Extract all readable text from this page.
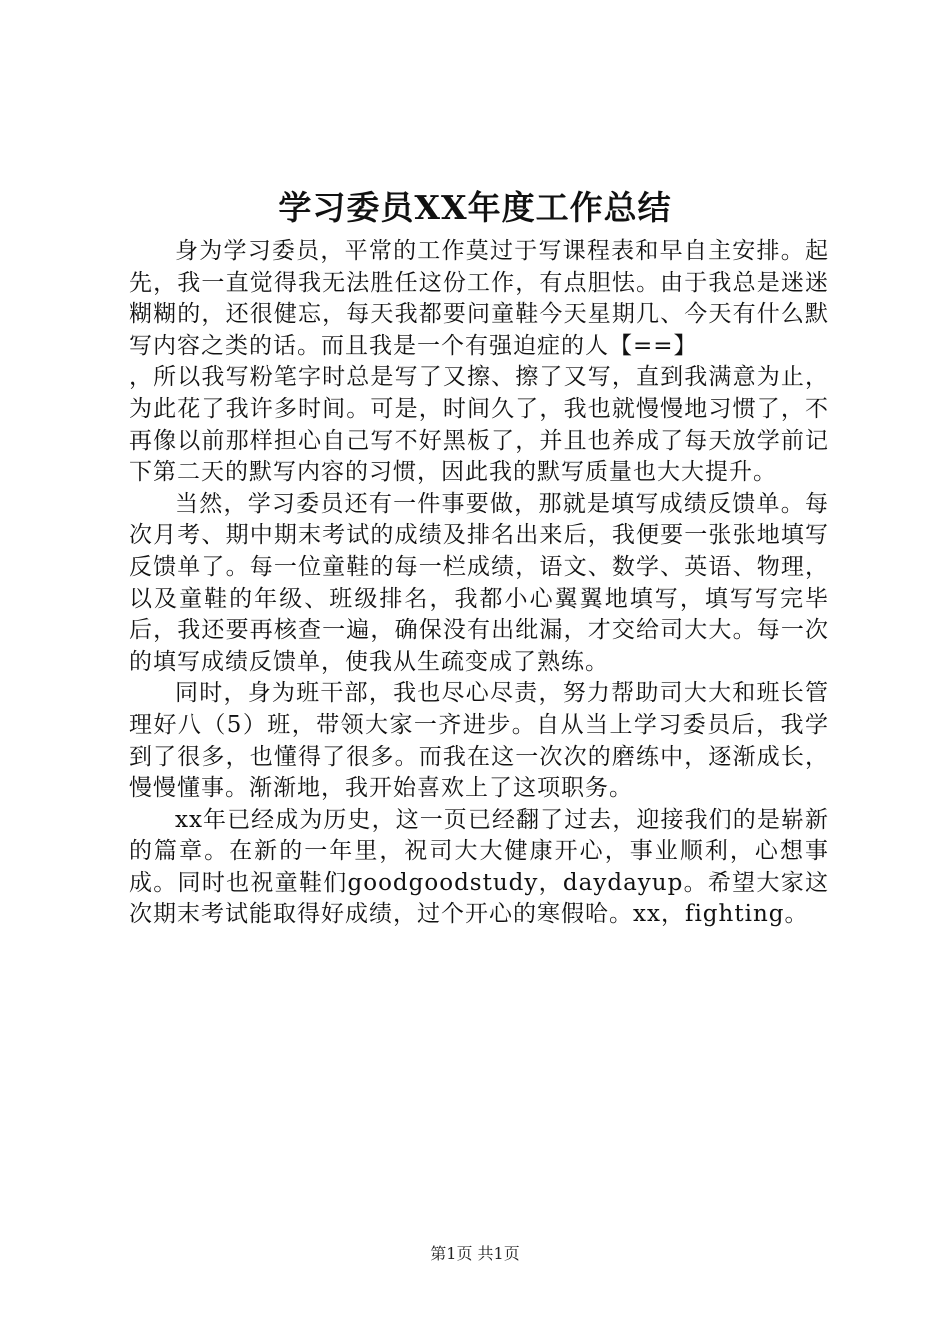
学习委员XX年度工作总结

身为学习委员，平常的工作莫过于写课程表和早自主安排。起先，我一直觉得我无法胜任这份工作，有点胆怯。由于我总是迷迷糊糊的，还很健忘，每天我都要问童鞋今天星期几、今天有什么默写内容之类的话。而且我是一个有强迫症的人【==】

，所以我写粉笔字时总是写了又擦、擦了又写，直到我满意为止，为此花了我许多时间。可是，时间久了，我也就慢慢地习惯了，不再像以前那样担心自己写不好黑板了，并且也养成了每天放学前记下第二天的默写内容的习惯，因此我的默写质量也大大提升。

当然，学习委员还有一件事要做，那就是填写成绩反馈单。每次月考、期中期末考试的成绩及排名出来后，我便要一张张地填写反馈单了。每一位童鞋的每一栏成绩，语文、数学、英语、物理，以及童鞋的年级、班级排名，我都小心翼翼地填写，填写写完毕后，我还要再核查一遍，确保没有出纰漏，才交给司大大。每一次的填写成绩反馈单，使我从生疏变成了熟练。

同时，身为班干部，我也尽心尽责，努力帮助司大大和班长管理好八（5）班，带领大家一齐进步。自从当上学习委员后，我学到了很多，也懂得了很多。而我在这一次次的磨练中，逐渐成长，慢慢懂事。渐渐地，我开始喜欢上了这项职务。

xx年已经成为历史，这一页已经翻了过去，迎接我们的是崭新的篇章。在新的一年里，祝司大大健康开心，事业顺利，心想事成。同时也祝童鞋们goodgoodstudy，daydayup。希望大家这次期末考试能取得好成绩，过个开心的寒假哈。xx，fighting。

第1页 共1页
